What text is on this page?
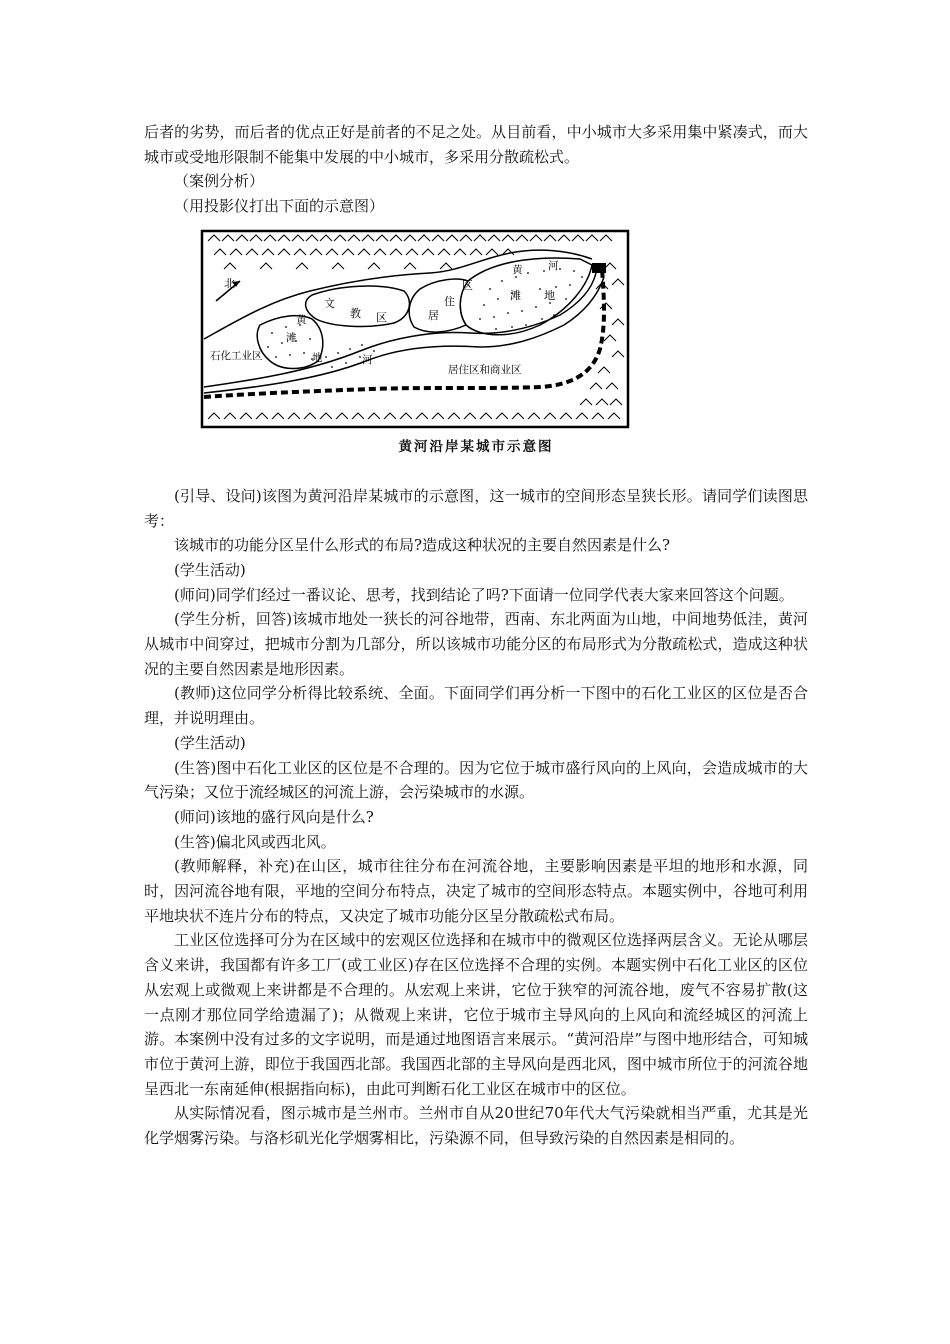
后者的劣势，而后者的优点正好是前者的不足之处。从目前看，中小城市大多采用集中紧凑式，而大城市或受地形限制不能集中发展的中小城市，多采用分散疏松式。

（案例分析）

（用投影仪打出下面的示意图）

北
石化工业区
黄
滩
地	河
文
教 区	居
住
区
居住区和商业区
黄 河
滩 地
黄河沿岸某城市示意图

(引导、设问)该图为黄河沿岸某城市的示意图，这一城市的空间形态呈狭长形。请同学们读图思考：

该城市的功能分区呈什么形式的布局?造成这种状况的主要自然因素是什么?

(学生活动)

(师问)同学们经过一番议论、思考，找到结论了吗?下面请一位同学代表大家来回答这个问题。

(学生分析，回答)该城市地处一狭长的河谷地带，西南、东北两面为山地，中间地势低洼，黄河从城市中间穿过，把城市分割为几部分，所以该城市功能分区的布局形式为分散疏松式，造成这种状况的主要自然因素是地形因素。

(教师)这位同学分析得比较系统、全面。下面同学们再分析一下图中的石化工业区的区位是否合理，并说明理由。

(学生活动)

(生答)图中石化工业区的区位是不合理的。因为它位于城市盛行风向的上风向，会造成城市的大气污染；又位于流经城区的河流上游，会污染城市的水源。

(师问)该地的盛行风向是什么?

(生答)偏北风或西北风。

(教师解释，补充)在山区，城市往往分布在河流谷地，主要影响因素是平坦的地形和水源，同时，因河流谷地有限，平地的空间分布特点，决定了城市的空间形态特点。本题实例中，谷地可利用平地块状不连片分布的特点，又决定了城市功能分区呈分散疏松式布局。

工业区位选择可分为在区域中的宏观区位选择和在城市中的微观区位选择两层含义。无论从哪层含义来讲，我国都有许多工厂(或工业区)存在区位选择不合理的实例。本题实例中石化工业区的区位从宏观上或微观上来讲都是不合理的。从宏观上来讲，它位于狭窄的河流谷地，废气不容易扩散(这一点刚才那位同学给遗漏了)；从微观上来讲，它位于城市主导风向的上风向和流经城区的河流上游。本案例中没有过多的文字说明，而是通过地图语言来展示。“黄河沿岸”与图中地形结合，可知城市位于黄河上游，即位于我国西北部。我国西北部的主导风向是西北风，图中城市所位于的河流谷地呈西北一东南延伸(根据指向标)，由此可判断石化工业区在城市中的区位。

从实际情况看，图示城市是兰州市。兰州市自从20世纪70年代大气污染就相当严重，尤其是光化学烟雾污染。与洛杉矶光化学烟雾相比，污染源不同，但导致污染的自然因素是相同的。
